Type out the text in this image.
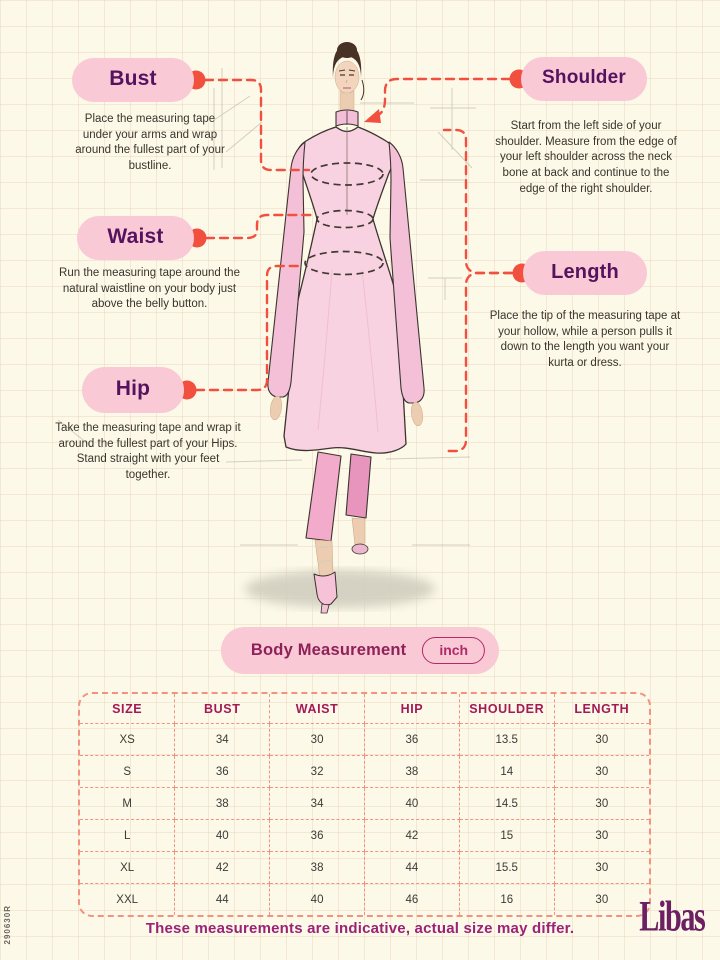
Bust
Waist
Hip
Shoulder
Length
Place the measuring tape under your arms and wrap around the fullest part of your bustline.
Run the measuring tape around the natural waistline on your body just above the belly button.
Take the measuring tape and wrap it around the fullest part of your Hips. Stand straight with your feet together.
Start from the left side of your shoulder. Measure from the edge of your left shoulder across the neck bone at back and continue to the edge of the right shoulder.
Place the tip of the measuring tape at your hollow, while a person pulls it down to the length you want your kurta or dress.
Body Measurement	inch
SIZE	BUST	WAIST	HIP	SHOULDER	LENGTH
XS	34	30	36	13.5	30
S	36	32	38	14	30
M	38	34	40	14.5	30
L	40	36	42	15	30
XL	42	38	44	15.5	30
XXL	44	40	46	16	30
These measurements are indicative, actual size may differ.	Libas
290630R
